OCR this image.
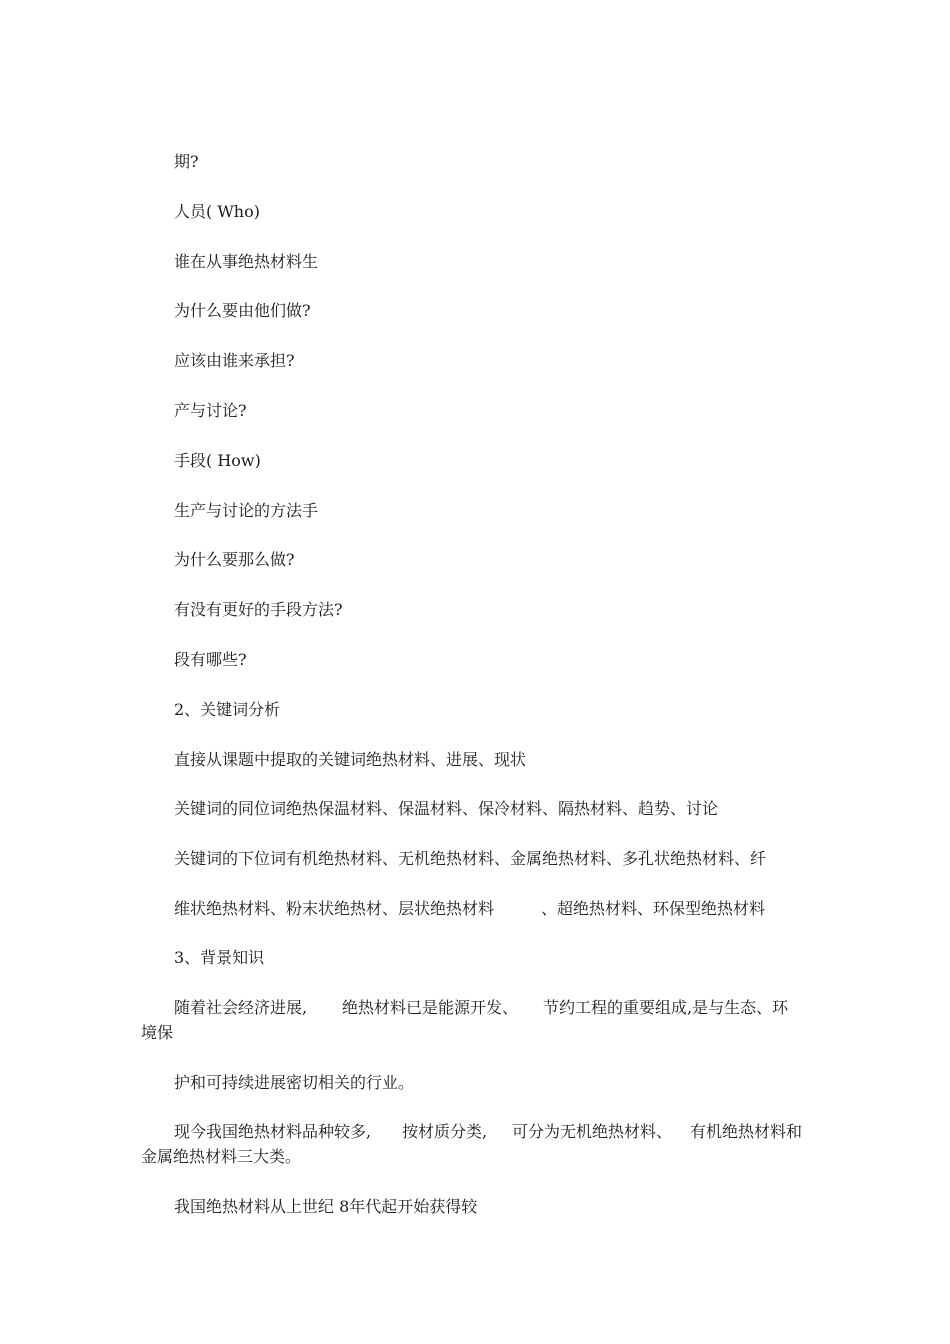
期?
人员( Who)
谁在从事绝热材料生
为什么要由他们做?
应该由谁来承担?
产与讨论?
手段( How)
生产与讨论的方法手
为什么要那么做?
有没有更好的手段方法?
段有哪些?
2、关键词分析
直接从课题中提取的关键词绝热材料、进展、现状
关键词的同位词绝热保温材料、保温材料、保冷材料、隔热材料、趋势、讨论
关键词的下位词有机绝热材料、无机绝热材料、金属绝热材料、多孔状绝热材料、纤
维状绝热材料、粉末状绝热材、层状绝热材料	、超绝热材料、环保型绝热材料
3、背景知识
随着社会经济进展, 绝热材料已是能源开发、 节约工程的重要组成,是与生态、环
境保
护和可持续进展密切相关的行业。
现今我国绝热材料品种较多, 按材质分类, 可分为无机绝热材料、 有机绝热材料和
金属绝热材料三大类。
我国绝热材料从上世纪 8年代起开始获得较
